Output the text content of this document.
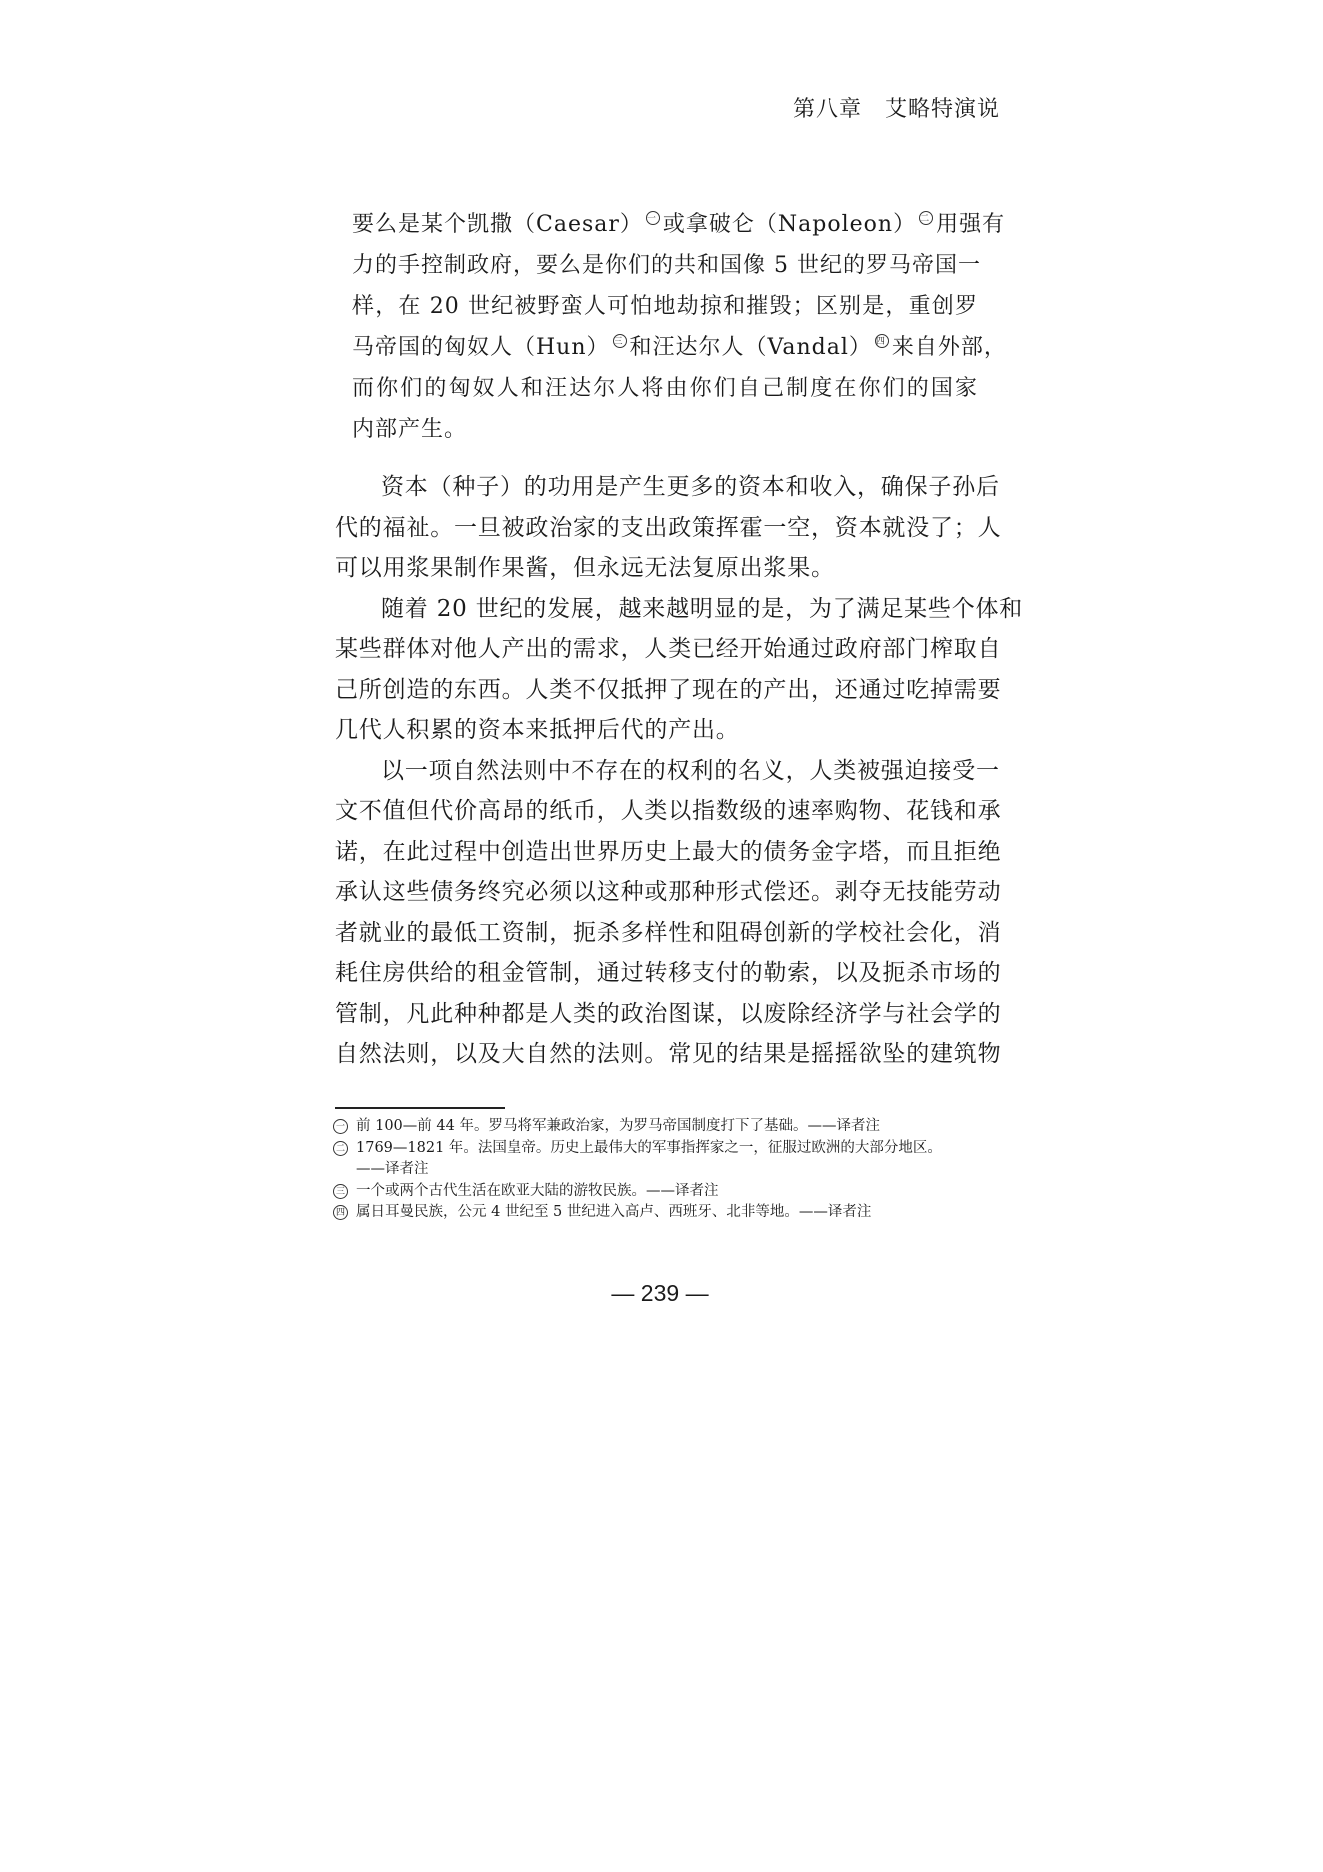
第八章　艾略特演说
要么是某个凯撒（Caesar） 一 或拿破仑（Napoleon） 二 用强有
力的手控制政府，要么是你们的共和国像 5 世纪的罗马帝国一
样，在 20 世纪被野蛮人可怕地劫掠和摧毁；区别是，重创罗
马帝国的匈奴人（Hun） 三 和汪达尔人（Vandal） 四 来自外部，
而你们的匈奴人和汪达尔人将由你们自己制度在你们的国家
内部产生。
资本（种子）的功用是产生更多的资本和收入，确保子孙后
代的福祉。一旦被政治家的支出政策挥霍一空，资本就没了；人
可以用浆果制作果酱，但永远无法复原出浆果。
随着 20 世纪的发展，越来越明显的是，为了满足某些个体和
某些群体对他人产出的需求，人类已经开始通过政府部门榨取自
己所创造的东西。人类不仅抵押了现在的产出，还通过吃掉需要
几代人积累的资本来抵押后代的产出。
以一项自然法则中不存在的权利的名义，人类被强迫接受一
文不值但代价高昂的纸币，人类以指数级的速率购物、花钱和承
诺，在此过程中创造出世界历史上最大的债务金字塔，而且拒绝
承认这些债务终究必须以这种或那种形式偿还。剥夺无技能劳动
者就业的最低工资制，扼杀多样性和阻碍创新的学校社会化，消
耗住房供给的租金管制，通过转移支付的勒索，以及扼杀市场的
管制，凡此种种都是人类的政治图谋，以废除经济学与社会学的
自然法则，以及大自然的法则。常见的结果是摇摇欲坠的建筑物
一 前 100—前 44 年。罗马将军兼政治家，为罗马帝国制度打下了基础。——译者注
二 1769—1821 年。法国皇帝。历史上最伟大的军事指挥家之一，征服过欧洲的大部分地区。
——译者注
三 一个或两个古代生活在欧亚大陆的游牧民族。——译者注
四 属日耳曼民族，公元 4 世纪至 5 世纪进入高卢、西班牙、北非等地。——译者注
— 239 —
